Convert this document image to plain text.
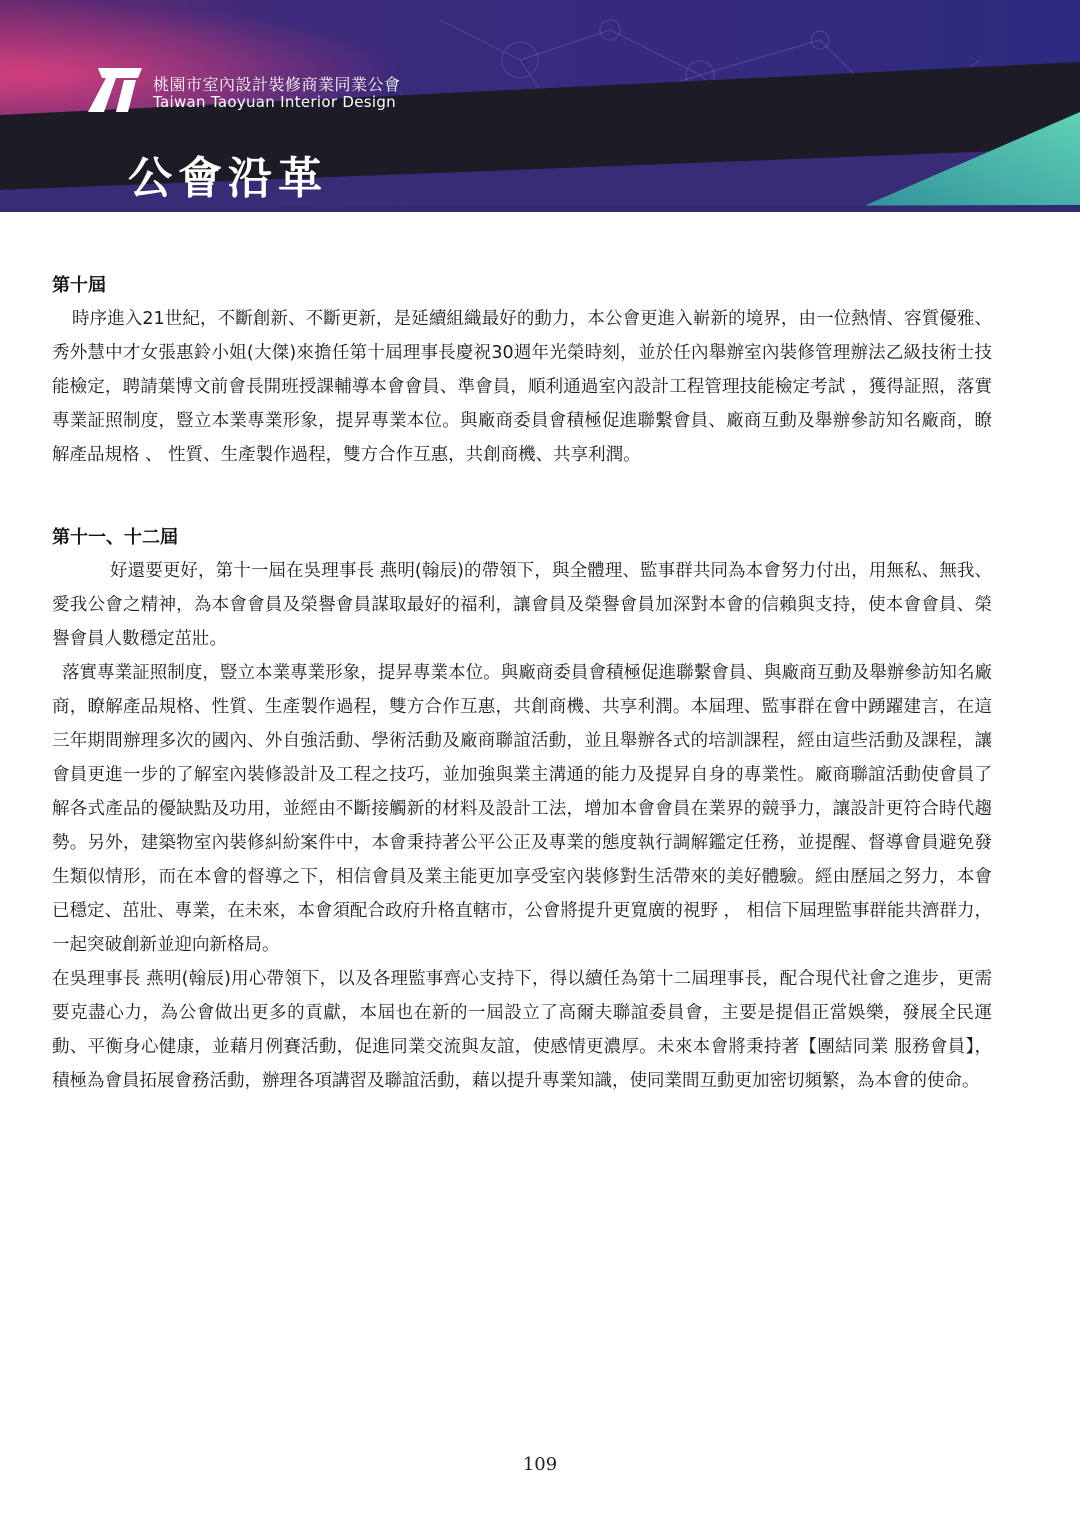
桃園市室內設計裝修商業同業公會
Taiwan Taoyuan Interior Design
公會沿革
第十屆

時序進入21世紀，不斷創新、不斷更新，是延續組織最好的動力，本公會更進入嶄新的境界，由一位熱情、容質優雅、秀外慧中才女張惠鈴小姐(大傑)來擔任第十屆理事長慶祝30週年光榮時刻，並於任內舉辦室內裝修管理辦法乙級技術士技能檢定，聘請葉博文前會長開班授課輔導本會會員、準會員，順利通過室內設計工程管理技能檢定考試 ，獲得証照，落實專業証照制度，豎立本業專業形象，提昇專業本位。與廠商委員會積極促進聯繫會員、廠商互動及舉辦參訪知名廠商，瞭解產品規格 、 性質、生產製作過程，雙方合作互惠，共創商機、共享利潤。

第十一、十二屆

好還要更好，第十一屆在吳理事長 燕明(翰辰)的帶領下，與全體理、監事群共同為本會努力付出，用無私、無我、愛我公會之精神，為本會會員及榮譽會員謀取最好的福利，讓會員及榮譽會員加深對本會的信賴與支持，使本會會員、榮譽會員人數穩定茁壯。

落實專業証照制度，豎立本業專業形象，提昇專業本位。與廠商委員會積極促進聯繫會員、與廠商互動及舉辦參訪知名廠商，瞭解產品規格、性質、生產製作過程，雙方合作互惠，共創商機、共享利潤。本屆理、監事群在會中踴躍建言，在這三年期間辦理多次的國內、外自強活動、學術活動及廠商聯誼活動，並且舉辦各式的培訓課程，經由這些活動及課程，讓會員更進一步的了解室內裝修設計及工程之技巧，並加強與業主溝通的能力及提昇自身的專業性。廠商聯誼活動使會員了解各式產品的優缺點及功用，並經由不斷接觸新的材料及設計工法，增加本會會員在業界的競爭力，讓設計更符合時代趨勢。另外，建築物室內裝修糾紛案件中，本會秉持著公平公正及專業的態度執行調解鑑定任務，並提醒、督導會員避免發生類似情形，而在本會的督導之下，相信會員及業主能更加享受室內裝修對生活帶來的美好體驗。經由歷屆之努力，本會已穩定、茁壯、專業，在未來，本會須配合政府升格直轄市，公會將提升更寬廣的視野 ， 相信下屆理監事群能共濟群力，一起突破創新並迎向新格局。

在吳理事長 燕明(翰辰)用心帶領下，以及各理監事齊心支持下，得以續任為第十二屆理事長，配合現代社會之進步，更需要克盡心力，為公會做出更多的貢獻，本屆也在新的一屆設立了高爾夫聯誼委員會，主要是提倡正當娛樂，發展全民運動、平衡身心健康，並藉月例賽活動，促進同業交流與友誼，使感情更濃厚。未來本會將秉持著【團結同業 服務會員】，積極為會員拓展會務活動，辦理各項講習及聯誼活動，藉以提升專業知識，使同業間互動更加密切頻繁，為本會的使命。

109
